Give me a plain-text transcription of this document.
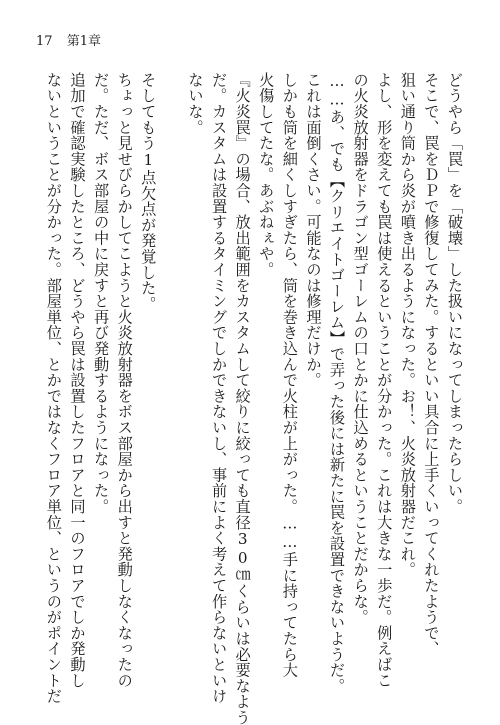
17 第1章

どうやら「罠」を「破壊」した扱いになってしまったらしい。

そこで、罠をＤＰで修復してみた。するといい具合に上手くいってくれたようで、

狙い通り筒から炎が噴き出るようになった。お！、火炎放射器だこれ。

よし、形を変えても罠は使えるということが分かった。これは大きな一歩だ。例えばこ

の火炎放射器をドラゴン型ゴーレムの口とかに仕込めるということだからな。

……あ、でも【クリエイトゴーレム】で弄った後には新たに罠を設置できないようだ。

これは面倒くさい。可能なのは修理だけか。

しかも筒を細くしすぎたら、筒を巻き込んで火柱が上がった。……手に持ってたら大

火傷してたな。あぶねぇや。

『火炎罠』の場合、放出範囲をカスタムして絞りに絞っても直径30㎝くらいは必要なよう

だ。カスタムは設置するタイミングでしかできないし、事前によく考えて作らないといけ

ないな。

そしてもう1点欠点が発覚した。

ちょっと見せびらかしてこようと火炎放射器をボス部屋から出すと発動しなくなったの

だ。ただ、ボス部屋の中に戻すと再び発動するようになった。

追加で確認実験したところ、どうやら罠は設置したフロアと同一のフロアでしか発動し

ないということが分かった。部屋単位、とかではなくフロア単位、というのがポイントだ
